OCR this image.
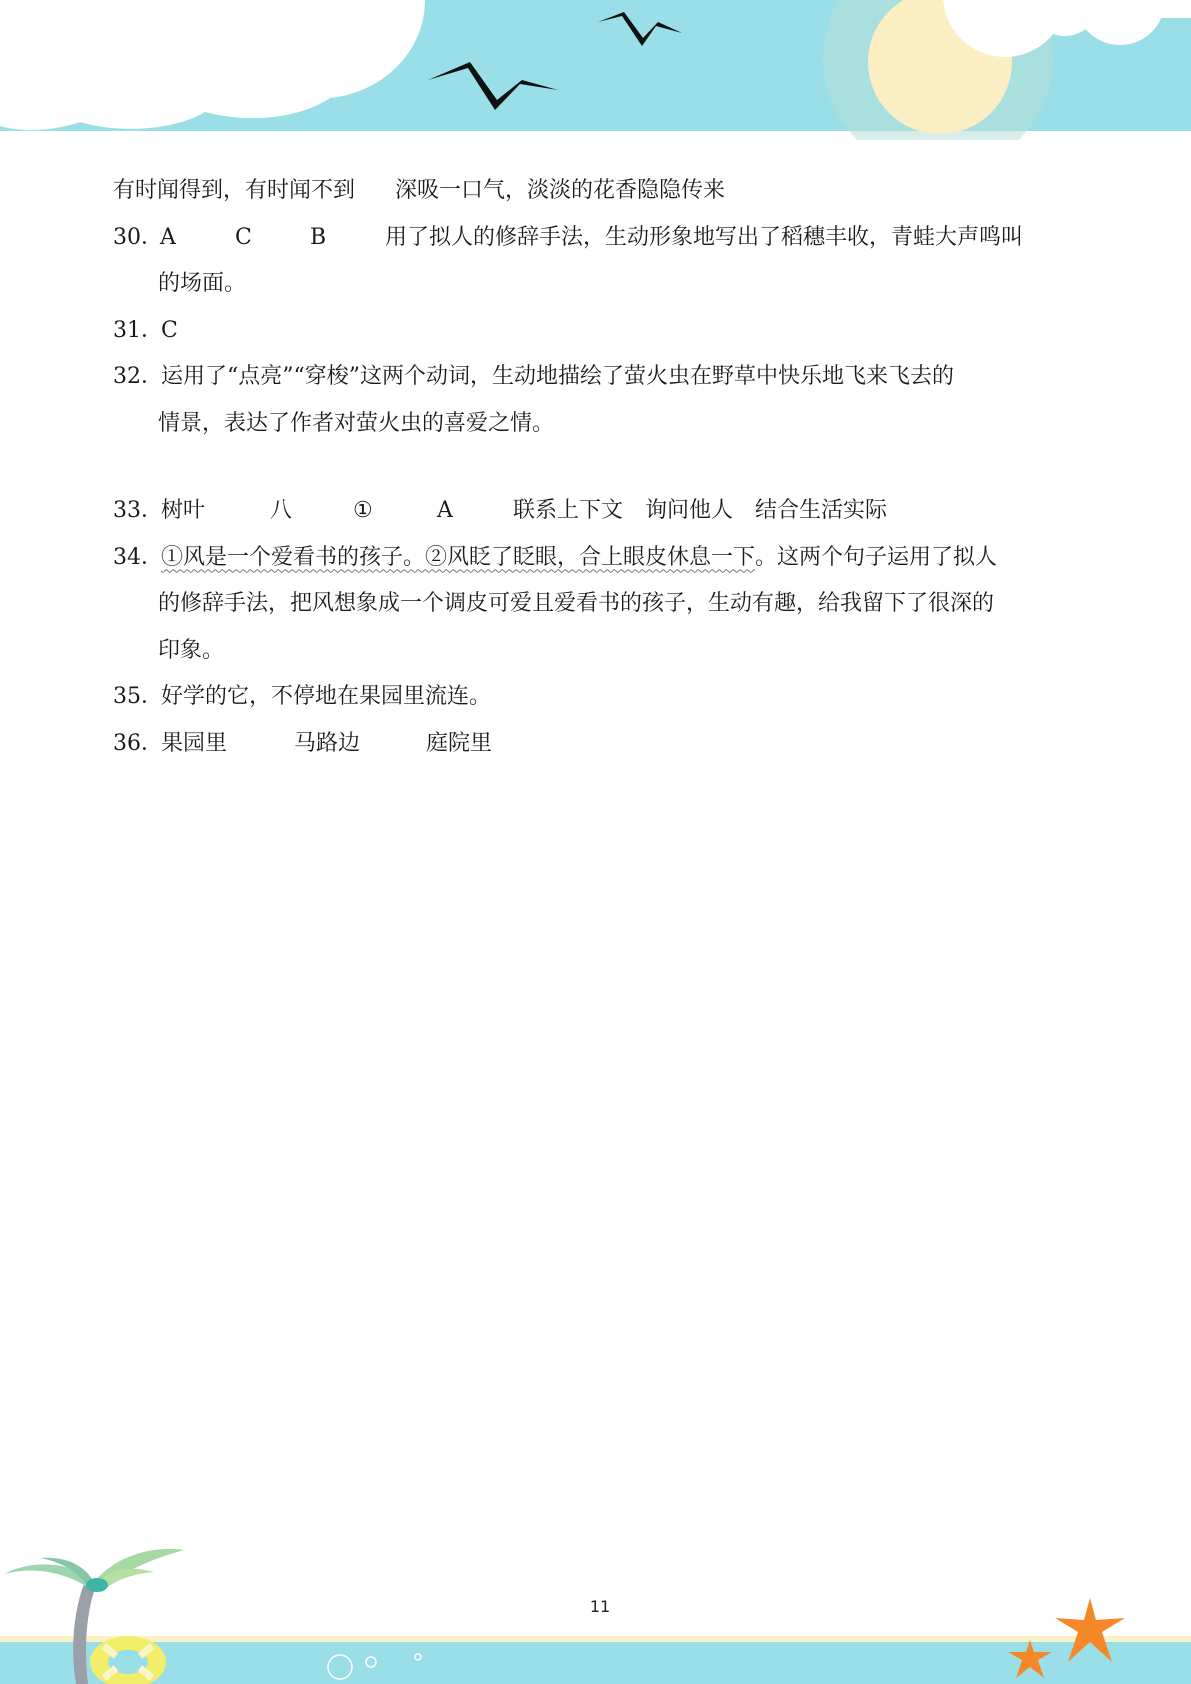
有时闻得到，有时闻不到 深吸一口气，淡淡的花香隐隐传来
30．
A	C	B	用了拟人的修辞手法，生动形象地写出了稻穗丰收，青蛙大声鸣叫
的场面。
31．C
32．运用了“点亮”“穿梭”这两个动词，生动地描绘了萤火虫在野草中快乐地飞来飞去的
情景，表达了作者对萤火虫的喜爱之情。
33．
树叶	八	①	A	联系上下文 询问他人 结合生活实际
34．①风是一个爱看书的孩子。②风眨了眨眼，合上眼皮休息一下。这两个句子运用了拟人
的修辞手法，把风想象成一个调皮可爱且爱看书的孩子，生动有趣，给我留下了很深的
印象。
35．好学的它，不停地在果园里流连。
36．
果园里	马路边	庭院里
11
